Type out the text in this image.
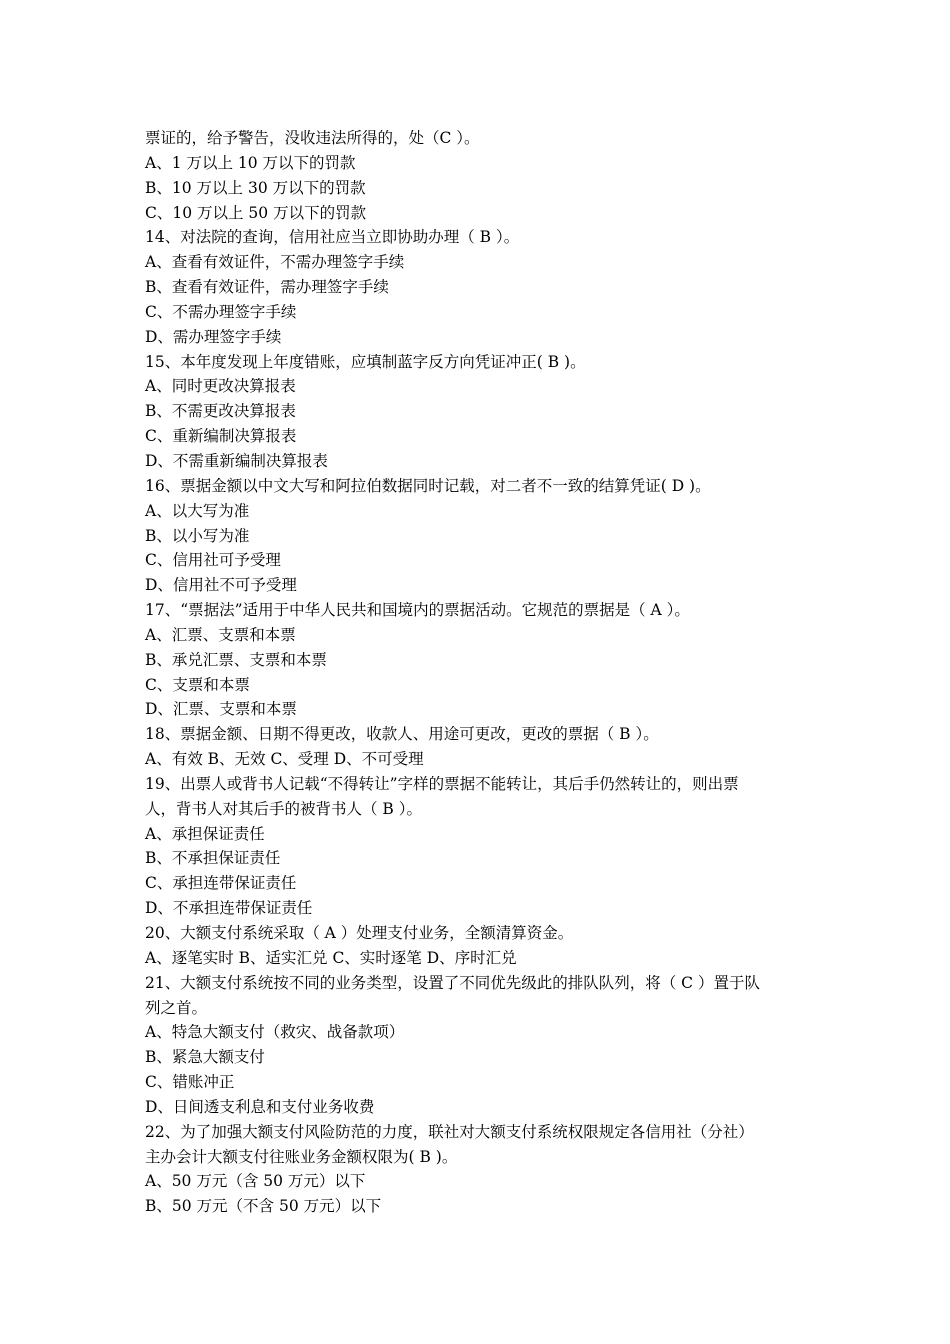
票证的，给予警告，没收违法所得的，处（C ）。
A、1 万以上 10 万以下的罚款
B、10 万以上 30 万以下的罚款
C、10 万以上 50 万以下的罚款
14、对法院的查询，信用社应当立即协助办理（ B ）。
A、查看有效证件，不需办理签字手续
B、查看有效证件，需办理签字手续
C、不需办理签字手续
D、需办理签字手续
15、本年度发现上年度错账，应填制蓝字反方向凭证冲正( B )。
A、同时更改决算报表
B、不需更改决算报表
C、重新编制决算报表
D、不需重新编制决算报表
16、票据金额以中文大写和阿拉伯数据同时记载，对二者不一致的结算凭证( D )。
A、以大写为准
B、以小写为准
C、信用社可予受理
D、信用社不可予受理
17、“票据法”适用于中华人民共和国境内的票据活动。它规范的票据是（ A ）。
A、汇票、支票和本票
B、承兑汇票、支票和本票
C、支票和本票
D、汇票、支票和本票
18、票据金额、日期不得更改，收款人、用途可更改，更改的票据（ B ）。
A、有效 B、无效 C、受理 D、不可受理
19、出票人或背书人记载“不得转让”字样的票据不能转让，其后手仍然转让的，则出票
人，背书人对其后手的被背书人（ B ）。
A、承担保证责任
B、不承担保证责任
C、承担连带保证责任
D、不承担连带保证责任
20、大额支付系统采取（ A ）处理支付业务，全额清算资金。
A、逐笔实时 B、适实汇兑 C、实时逐笔 D、序时汇兑
21、大额支付系统按不同的业务类型，设置了不同优先级此的排队队列，将（ C ）置于队
列之首。
A、特急大额支付（救灾、战备款项）
B、紧急大额支付
C、错账冲正
D、日间透支利息和支付业务收费
22、为了加强大额支付风险防范的力度，联社对大额支付系统权限规定各信用社（分社）
主办会计大额支付往账业务金额权限为( B )。
A、50 万元（含 50 万元）以下
B、50 万元（不含 50 万元）以下
